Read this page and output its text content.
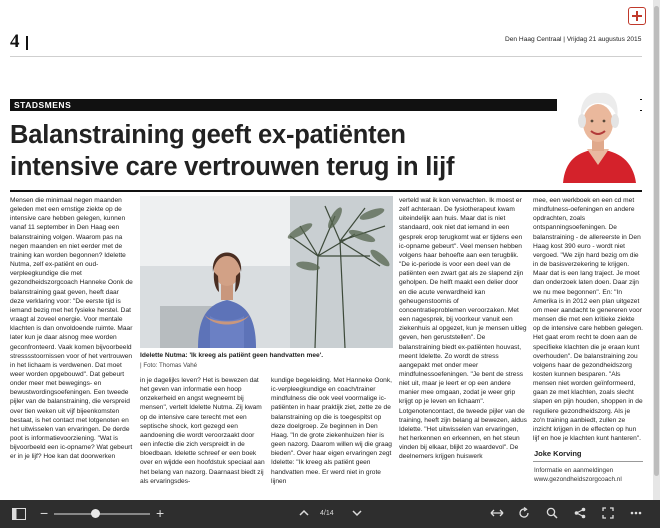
4	Den Haag Centraal | Vrijdag 21 augustus 2015
STADSMENS
Balanstraining geeft ex-patiënten
intensive care vertrouwen terug in lijf
Mensen die minimaal negen maanden geleden met een ernstige ziekte op de intensive care hebben gelegen, kunnen vanaf 11 september in Den Haag een balanstraining volgen. Waarom pas na negen maanden en niet eerder met de training kan worden begonnen? Idelette Nutma, zelf ex-patiënt en oud-verpleegkundige die met gezondheidszorgcoach Hanneke Oonk de balanstraining gaat geven, heeft daar deze verklaring voor: "De eerste tijd is iemand bezig met het fysieke herstel. Dat vraagt al zoveel energie. Voor mentale klachten is dan onvoldoende ruimte. Maar later kun je daar alsnog mee worden geconfronteerd. Vaak komen bijvoorbeeld stresssstoornissen voor of het vertrouwen in het lichaam is verdwenen. Dat moet weer worden opgebouwd". Dat gebeurt onder meer met bewegings- en bewustwordingsoefeningen. Een tweede pijler van de balanstraining, die verspreid over tien weken uit vijf bijeenkomsten bestaat, is het contact met lotgenoten en het uitwisselen van ervaringen. De derde poot is informatievoorziening. "Wat is bijvoorbeeld een ic-opname? Wat gebeurt er in je lijf? Hoe kan dat doorwerken
Idelette Nutma: 'Ik kreeg als patiënt geen handvatten mee'.
| Foto: Thomas Vahé
in je dagelijks leven? Het is bewezen dat het geven van informatie een hoop onzekerheid en angst wegneemt bij mensen", vertelt Idelette Nutma. Zij kwam op de intensive care terecht met een septische shock, kort gezegd een aandoening die wordt veroorzaakt door een infectie die zich verspreidt in de bloedbaan. Idelette schreef er een boek over en wijdde een hoofdstuk speciaal aan het belang van nazorg. Daarnaast biedt zij als ervaringsdes-
kundige begeleiding. Met Hanneke Oonk, ic-verpleegkundige en coach/trainer mindfulness die ook veel voormalige ic-patiënten in haar praktijk ziet, zette ze de balanstraining op die is toegespitst op deze doelgroep. Ze beginnen in Den Haag. "In de grote ziekenhuizen hier is geen nazorg. Daarom willen wij die graag bieden". Over haar eigen ervaringen zegt Idelette: "Ik kreeg als patiënt geen handvatten mee. Er werd niet in grote lijnen
verteld wat ik kon verwachten. Ik moest er zelf achteraan. De fysiotherapeut kwam uiteindelijk aan huis. Maar dat is niet standaard, ook niet dat iemand in een gesprek erop terugkomt wat er tijdens een ic-opname gebeurt". Veel mensen hebben volgens haar behoefte aan een terugblik. "De ic-periode is voor een deel van de patiënten een zwart gat als ze slapend zijn geholpen. De helft maakt een delier door en die acute verwardheid kan geheugenstoornis of concentratieproblemen veroorzaken. Met een nagesprek, bij voorkeur vanuit een ziekenhuis al opgezet, kun je mensen uitleg geven, hen geruststellen". De balanstraining biedt ex-patiënten houvast, meent Idelette. Zo wordt de stress aangepakt met onder meer mindfulnessoefeningen. "Je bent de stress niet uit, maar je leert er op een andere manier mee omgaan, zodat je weer grip krijgt op je leven en lichaam". Lotgenotencontact, de tweede pijler van de training, heeft zijn belang al bewezen, aldus Idelette. "Het uitwisselen van ervaringen, het herkennen en erkennen, en het steun vinden bij elkaar, blijkt zo waardevol". De deelnemers krijgen huiswerk
mee, een werkboek en een cd met mindfulness-oefeningen en andere opdrachten, zoals ontspanningsoefeningen. De balanstraining - de allereerste in Den Haag kost 390 euro - wordt niet vergoed. "We zijn hard bezig om die in de basisverzekering te krijgen. Maar dat is een lang traject. Je moet dan onderzoek laten doen. Daar zijn we nu mee begonnen". En: "In Amerika is in 2012 een plan uitgezet om meer aandacht te genereren voor mensen die met een kritieke ziekte op de intensive care hebben gelegen. Het gaat erom recht te doen aan de specifieke klachten die je eraan kunt overhouden". De balanstraining zou volgens haar de gezondheidszorg kosten kunnen besparen. "Als mensen niet worden geïnformeerd, gaan ze met klachten, zoals slecht slapen en pijn houden, shoppen in de reguliere gezondheidszorg. Als je zo'n training aanbiedt, zullen ze inzicht krijgen in de effecten op hun lijf en hoe je klachten kunt hanteren".
Joke Korving
Informatie en aanmeldingen
www.gezondheidszorgcoach.nl
−	+	4/14
